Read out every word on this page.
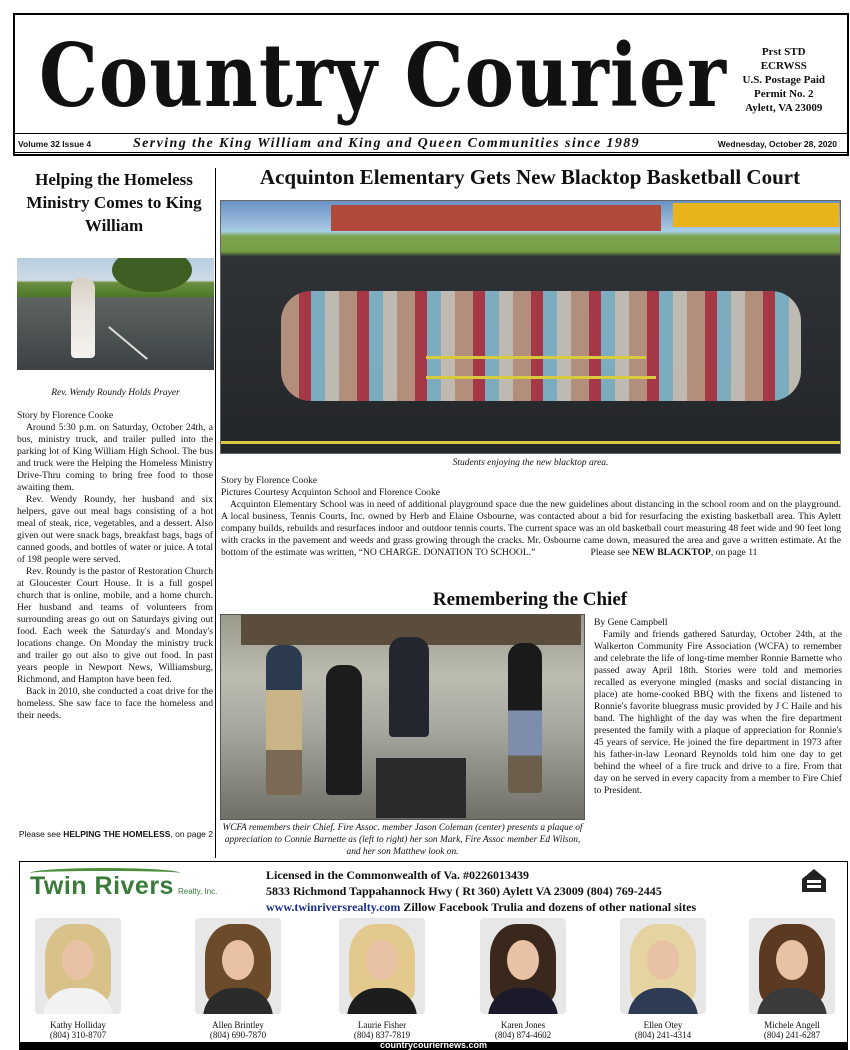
Country Courier	Prst STD
ECRWSS
U.S. Postage Paid
Permit No. 2
Aylett, VA 23009
Volume 32 Issue 4	Serving the King William and King and Queen Communities since 1989	Wednesday, October 28, 2020
Helping the Homeless Ministry Comes to King William
Rev. Wendy Roundy Holds Prayer

Story by Florence Cooke

Around 5:30 p.m. on Saturday, October 24th, a bus, ministry truck, and trailer pulled into the parking lot of King William High School. The bus and truck were the Helping the Homeless Ministry Drive-Thru coming to bring free food to those awaiting them.

Rev. Wendy Roundy, her husband and six helpers, gave out meal bags consisting of a hot meal of steak, rice, vegetables, and a dessert. Also given out were snack bags, breakfast bags, bags of canned goods, and bottles of water or juice. A total of 198 people were served.

Rev. Roundy is the pastor of Restoration Church at Gloucester Court House. It is a full gospel church that is online, mobile, and a home church. Her husband and teams of volunteers from surrounding areas go out on Saturdays giving out food. Each week the Saturday's and Monday's locations change. On Monday the ministry truck and trailer go out also to give out food. In past years people in Newport News, Williamsburg, Richmond, and Hampton have been fed.

Back in 2010, she conducted a coat drive for the homeless. She saw face to face the homeless and their needs.

Please see HELPING THE HOMELESS, on page 2
Acquinton Elementary Gets New Blacktop Basketball Court
Students enjoying the new blacktop area.

Story by Florence Cooke

Pictures Courtesy Acquinton School and Florence Cooke

Acquinton Elementary School was in need of additional playground space due the new guidelines about distancing in the school room and on the playground. A local business, Tennis Courts, Inc. owned by Herb and Elaine Osbourne, was contacted about a bid for resurfacing the existing basketball area. This Aylett company builds, rebuilds and resurfaces indoor and outdoor tennis courts. The current space was an old basketball court measuring 48 feet wide and 90 feet long with cracks in the pavement and weeds and grass growing through the cracks. Mr. Osbourne came down, measured the area and gave a written estimate. At the bottom of the estimate was written, “NO CHARGE. DONATION TO SCHOOL.”	Please see NEW BLACKTOP, on page 11

Remembering the Chief
WCFA remembers their Chief. Fire Assoc. member Jason Coleman (center) presents a plaque of appreciation to Connie Barnette as (left to right) her son Mark, Fire Assoc member Ed Wilson, and her son Matthew look on.

By Gene Campbell

Family and friends gathered Saturday, October 24th, at the Walkerton Community Fire Association (WCFA) to remember and celebrate the life of long-time member Ronnie Barnette who passed away April 18th. Stories were told and memories recalled as everyone mingled (masks and social distancing in place) ate home-cooked BBQ with the fixens and listened to Ronnie's favorite bluegrass music provided by J C Haile and his band. The highlight of the day was when the fire department presented the family with a plaque of appreciation for Ronnie's 45 years of service. He joined the fire department in 1973 after his father-in-law Leonard Reynolds told him one day to get behind the wheel of a fire truck and drive to a fire. From that day on he served in every capacity from a member to Fire Chief to President.

Twin Rivers Realty, Inc.
Licensed in the Commonwealth of Va. #0226013439
5833 Richmond Tappahannock Hwy ( Rt 360) Aylett VA 23009 (804) 769-2445
www.twinriversrealty.com Zillow Facebook Trulia and dozens of other national sites
Kathy Holliday
(804) 310-8707
Allen Brintley
(804) 690-7870
Laurie Fisher
(804) 837-7819
Karen Jones
(804) 874-4602
Ellen Otey
(804) 241-4314
Michele Angell
(804) 241-6287
countrycouriernews.com
